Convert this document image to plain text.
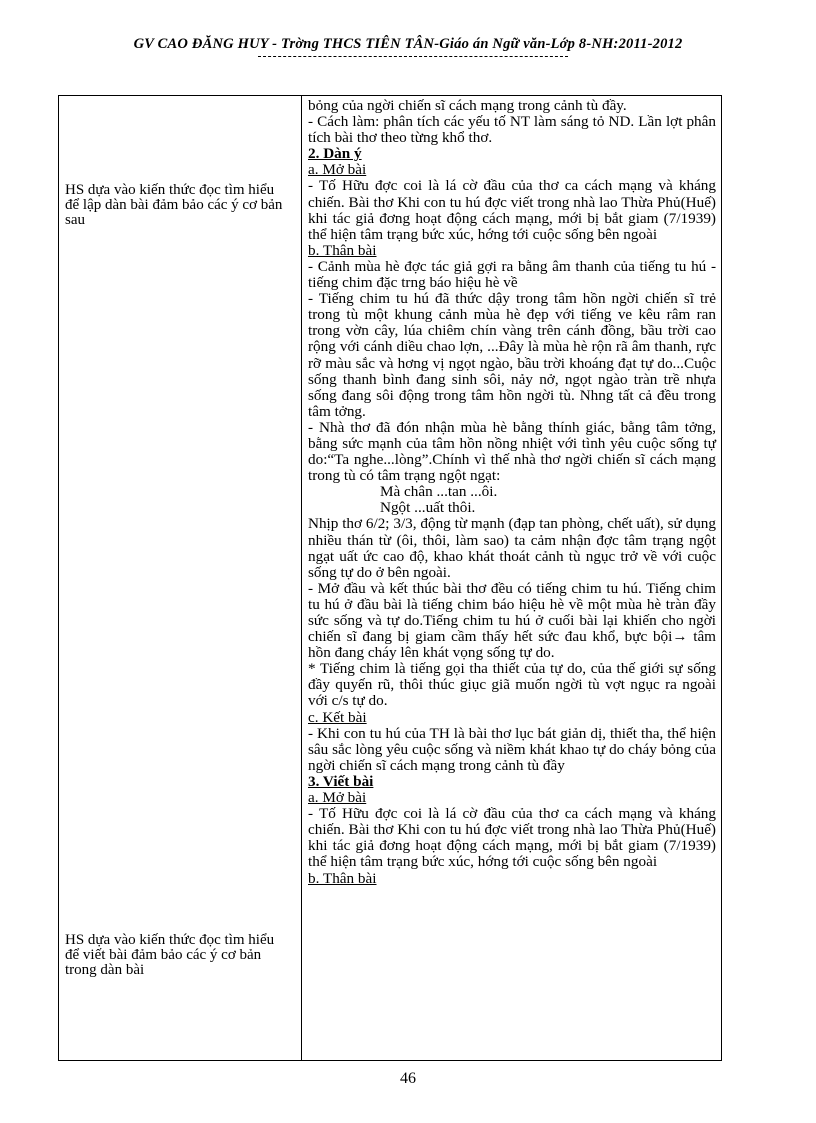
GV CAO ĐĂNG HUY - Trờng THCS TIÊN TÂN-Giáo án Ngữ văn-Lớp 8-NH:2011-2012
HS dựa vào kiến thức đọc tìm hiểu để lập dàn bài đảm bảo các ý cơ bản sau
HS dựa vào kiến thức đọc tìm hiểu để viết bài đảm bảo các ý cơ bản trong dàn bài

bỏng của ngời chiến sĩ cách mạng trong cảnh tù đầy.

- Cách làm: phân tích các yếu tố NT làm sáng tỏ ND. Lần lợt phân tích bài thơ theo từng khổ thơ.

2. Dàn ý

a. Mở bài

- Tố Hữu đợc coi là lá cờ đầu của thơ ca cách mạng và kháng chiến. Bài thơ Khi con tu hú đợc viết trong nhà lao Thừa Phủ(Huế) khi tác giả đơng hoạt động cách mạng, mới bị bắt giam (7/1939) thể hiện tâm trạng bức xúc, hớng tới cuộc sống bên ngoài

b. Thân bài

- Cảnh mùa hè đợc tác giả gợi ra bằng âm thanh của tiếng tu hú - tiếng chim đặc trng báo hiệu hè về

- Tiếng chim tu hú đã thức dậy trong tâm hồn ngời chiến sĩ trẻ trong tù một khung cảnh mùa hè đẹp với tiếng ve kêu râm ran trong vờn cây, lúa chiêm chín vàng trên cánh đồng, bầu trời cao rộng với cánh diều chao lợn, ...Đây là mùa hè rộn rã âm thanh, rực rỡ màu sắc và hơng vị ngọt ngào, bầu trời khoáng đạt tự do...Cuộc sống thanh bình đang sinh sôi, nảy nở, ngọt ngào tràn trề nhựa sống đang sôi động trong tâm hồn ngời tù. Nhng tất cả đều trong tâm tởng.

- Nhà thơ đã đón nhận mùa hè bằng thính giác, bằng tâm tởng, bằng sức mạnh của tâm hồn nồng nhiệt với tình yêu cuộc sống tự do:“Ta nghe...lòng”.Chính vì thế nhà thơ ngời chiến sĩ cách mạng trong tù có tâm trạng ngột ngạt:

Mà chân ...tan ...ôi.

Ngột ...uất thôi.

Nhịp thơ 6/2; 3/3, động từ mạnh (đạp tan phòng, chết uất), sử dụng nhiều thán từ (ôi, thôi, làm sao) ta cảm nhận đợc tâm trạng ngột ngạt uất ức cao độ, khao khát thoát cảnh tù ngục trở về với cuộc sống tự do ở bên ngoài.

- Mở đầu và kết thúc bài thơ đều có tiếng chim tu hú. Tiếng chim tu hú ở đầu bài là tiếng chim báo hiệu hè về một mùa hè tràn đầy sức sống và tự do.Tiếng chim tu hú ở cuối bài lại khiến cho ngời chiến sĩ đang bị giam cầm thấy hết sức đau khổ, bực bội→ tâm hồn đang cháy lên khát vọng sống tự do.

* Tiếng chim là tiếng gọi tha thiết của tự do, của thế giới sự sống đầy quyến rũ, thôi thúc giục giã muốn ngời tù vợt ngục ra ngoài với c/s tự do.

c. Kết bài

- Khi con tu hú của TH là bài thơ lục bát giản dị, thiết tha, thể hiện sâu sắc lòng yêu cuộc sống và niềm khát khao tự do cháy bỏng của ngời chiến sĩ cách mạng trong cảnh tù đầy

3. Viết bài

a. Mở bài

- Tố Hữu đợc coi là lá cờ đầu của thơ ca cách mạng và kháng chiến. Bài thơ Khi con tu hú đợc viết trong nhà lao Thừa Phủ(Huế) khi tác giả đơng hoạt động cách mạng, mới bị bắt giam (7/1939) thể hiện tâm trạng bức xúc, hớng tới cuộc sống bên ngoài

b. Thân bài

46
